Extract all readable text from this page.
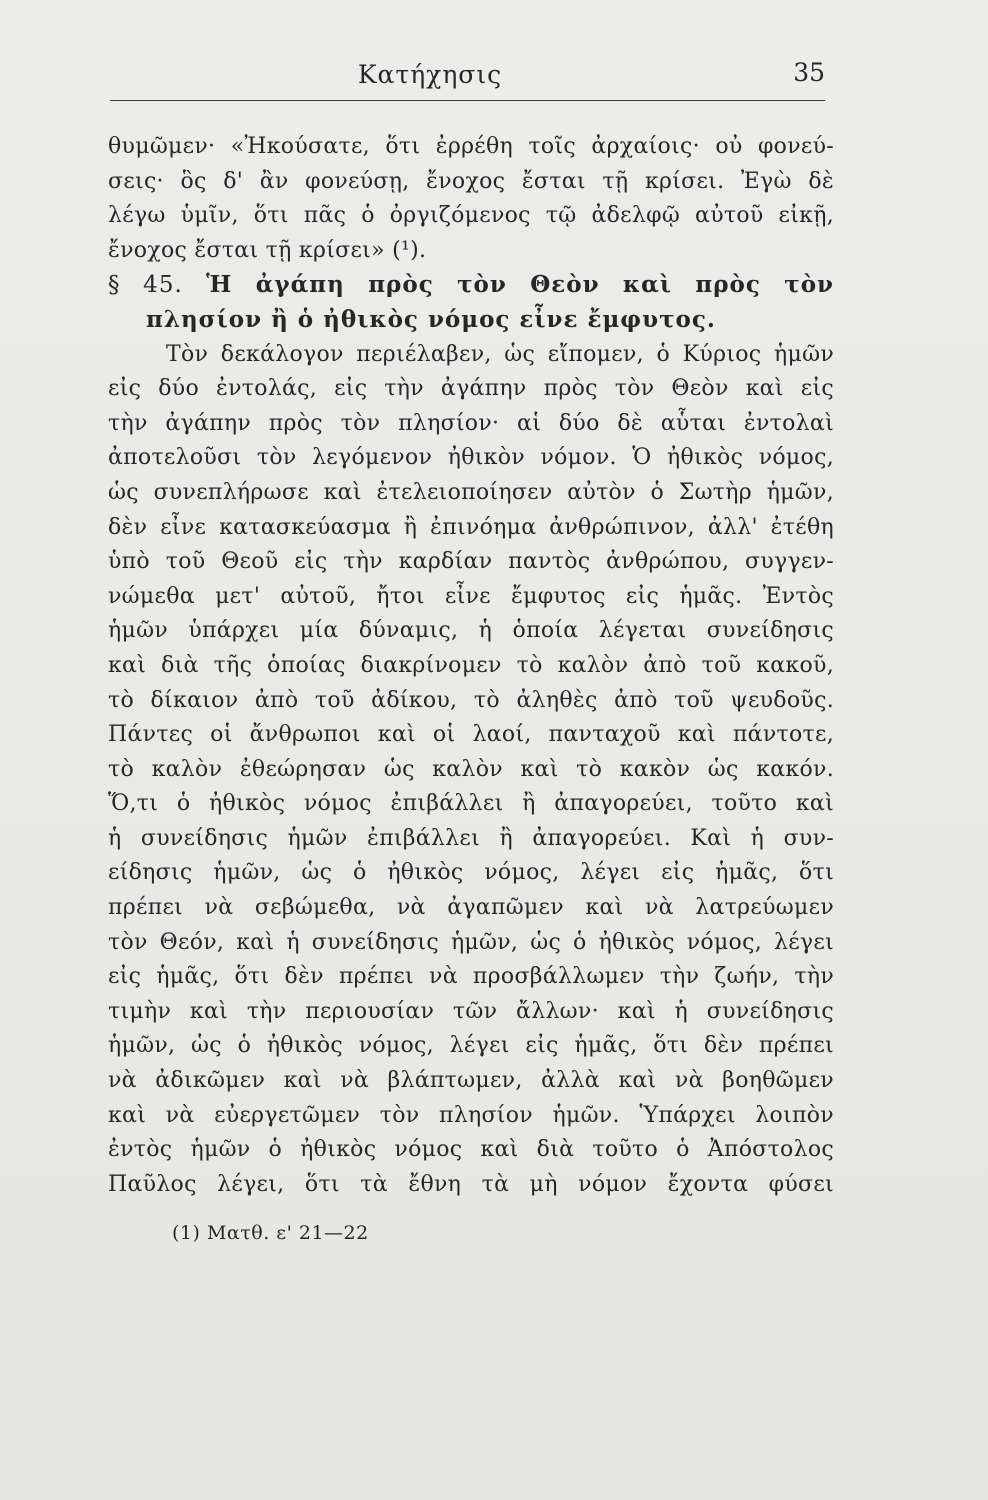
Κατήχησις	35
θυμῶμεν· «Ἠκούσατε, ὅτι ἐρρέθη τοῖς ἀρχαίοις· οὐ φονεύ-
σεις· ὃς δ' ἂν φονεύσῃ, ἔνοχος ἔσται τῇ κρίσει. Ἐγὼ δὲ
λέγω ὑμῖν, ὅτι πᾶς ὁ ὀργιζόμενος τῷ ἀδελφῷ αὐτοῦ εἰκῇ,
ἔνοχος ἔσται τῇ κρίσει» (¹).
§ 45. Ἡ ἀγάπη πρὸς τὸν Θεὸν καὶ πρὸς τὸν
πλησίον ἢ ὁ ἠθικὸς νόμος εἶνε ἔμφυτος.
Τὸν δεκάλογον περιέλαβεν, ὡς εἴπομεν, ὁ Κύριος ἡμῶν
εἰς δύο ἐντολάς, εἰς τὴν ἀγάπην πρὸς τὸν Θεὸν καὶ εἰς
τὴν ἀγάπην πρὸς τὸν πλησίον· αἱ δύο δὲ αὗται ἐντολαὶ
ἀποτελοῦσι τὸν λεγόμενον ἠθικὸν νόμον. Ὁ ἠθικὸς νόμος,
ὡς συνεπλήρωσε καὶ ἐτελειοποίησεν αὐτὸν ὁ Σωτὴρ ἡμῶν,
δὲν εἶνε κατασκεύασμα ἢ ἐπινόημα ἀνθρώπινον, ἀλλ' ἐτέθη
ὑπὸ τοῦ Θεοῦ εἰς τὴν καρδίαν παντὸς ἀνθρώπου, συγγεν-
νώμεθα μετ' αὐτοῦ, ἤτοι εἶνε ἔμφυτος εἰς ἡμᾶς. Ἐντὸς
ἡμῶν ὑπάρχει μία δύναμις, ἡ ὁποία λέγεται συνείδησις
καὶ διὰ τῆς ὁποίας διακρίνομεν τὸ καλὸν ἀπὸ τοῦ κακοῦ,
τὸ δίκαιον ἀπὸ τοῦ ἀδίκου, τὸ ἀληθὲς ἀπὸ τοῦ ψευδοῦς.
Πάντες οἱ ἄνθρωποι καὶ οἱ λαοί, πανταχοῦ καὶ πάντοτε,
τὸ καλὸν ἐθεώρησαν ὡς καλὸν καὶ τὸ κακὸν ὡς κακόν.
Ὅ,τι ὁ ἠθικὸς νόμος ἐπιβάλλει ἢ ἀπαγορεύει, τοῦτο καὶ
ἡ συνείδησις ἡμῶν ἐπιβάλλει ἢ ἀπαγορεύει. Καὶ ἡ συν-
είδησις ἡμῶν, ὡς ὁ ἠθικὸς νόμος, λέγει εἰς ἡμᾶς, ὅτι
πρέπει νὰ σεβώμεθα, νὰ ἀγαπῶμεν καὶ νὰ λατρεύωμεν
τὸν Θεόν, καὶ ἡ συνείδησις ἡμῶν, ὡς ὁ ἠθικὸς νόμος, λέγει
εἰς ἡμᾶς, ὅτι δὲν πρέπει νὰ προσβάλλωμεν τὴν ζωήν, τὴν
τιμὴν καὶ τὴν περιουσίαν τῶν ἄλλων· καὶ ἡ συνείδησις
ἡμῶν, ὡς ὁ ἠθικὸς νόμος, λέγει εἰς ἡμᾶς, ὅτι δὲν πρέπει
νὰ ἀδικῶμεν καὶ νὰ βλάπτωμεν, ἀλλὰ καὶ νὰ βοηθῶμεν
καὶ νὰ εὐεργετῶμεν τὸν πλησίον ἡμῶν. Ὑπάρχει λοιπὸν
ἐντὸς ἡμῶν ὁ ἠθικὸς νόμος καὶ διὰ τοῦτο ὁ Ἀπόστολος
Παῦλος λέγει, ὅτι τὰ ἔθνη τὰ μὴ νόμον ἔχοντα φύσει
(1) Ματθ. ε' 21—22
